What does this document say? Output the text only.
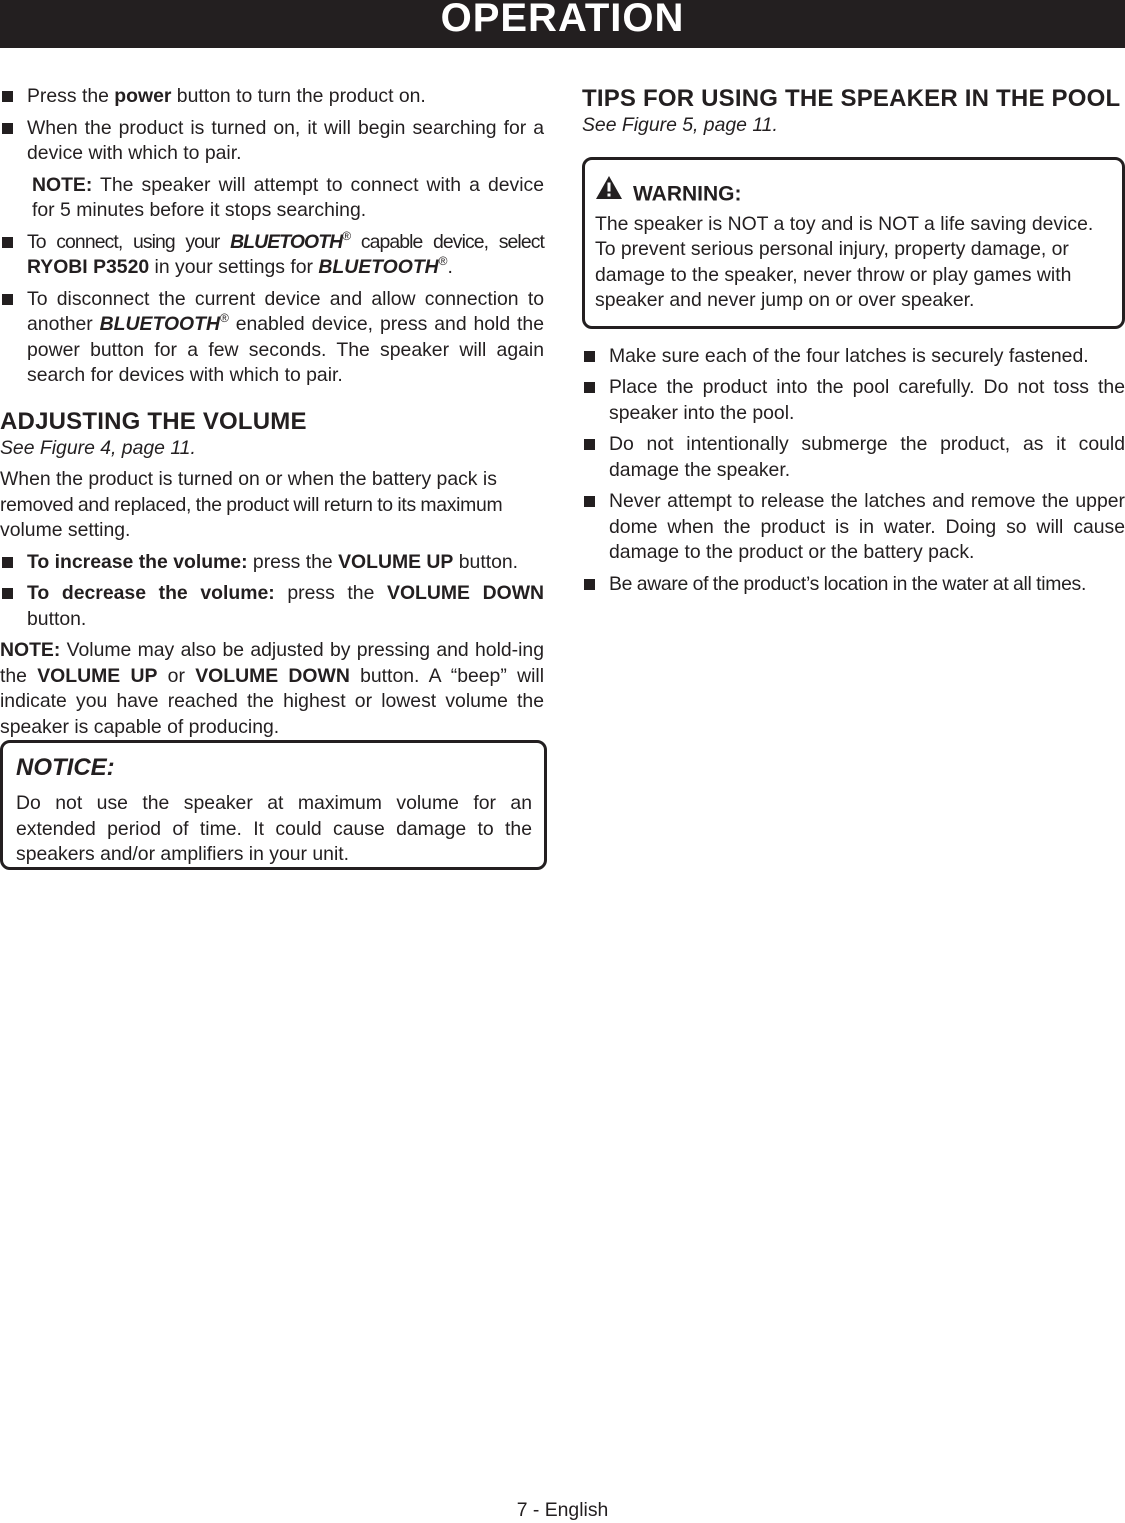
OPERATION
Press the power button to turn the product on.
When the product is turned on, it will begin searching for a device with which to pair.
NOTE: The speaker will attempt to connect with a device for 5 minutes before it stops searching.
To connect, using your BLUETOOTH® capable device, select RYOBI P3520 in your settings for BLUETOOTH®.
To disconnect the current device and allow connection to another BLUETOOTH® enabled device, press and hold the power button for a few seconds. The speaker will again search for devices with which to pair.
ADJUSTING THE VOLUME

See Figure 4, page 11.

When the product is turned on or when the battery pack is
removed and replaced, the product will return to its maximum
volume setting.

To increase the volume: press the VOLUME UP button.
To decrease the volume: press the VOLUME DOWN button.

NOTE: Volume may also be adjusted by pressing and hold-ing the VOLUME UP or VOLUME DOWN button. A “beep” will indicate you have reached the highest or lowest volume the speaker is capable of producing.

NOTICE:
Do not use the speaker at maximum volume for an extended period of time. It could cause damage to the speakers and/or amplifiers in your unit.
TIPS FOR USING THE SPEAKER IN THE POOL

See Figure 5, page 11.

WARNING:
The speaker is NOT a toy and is NOT a life saving device. To prevent serious personal injury, property damage, or damage to the speaker, never throw or play games with speaker and never jump on or over speaker.
Make sure each of the four latches is securely fastened.
Place the product into the pool carefully. Do not toss the speaker into the pool.
Do not intentionally submerge the product, as it could damage the speaker.
Never attempt to release the latches and remove the upper dome when the product is in water. Doing so will cause damage to the product or the battery pack.
Be aware of the product’s location in the water at all times.
7 - English
